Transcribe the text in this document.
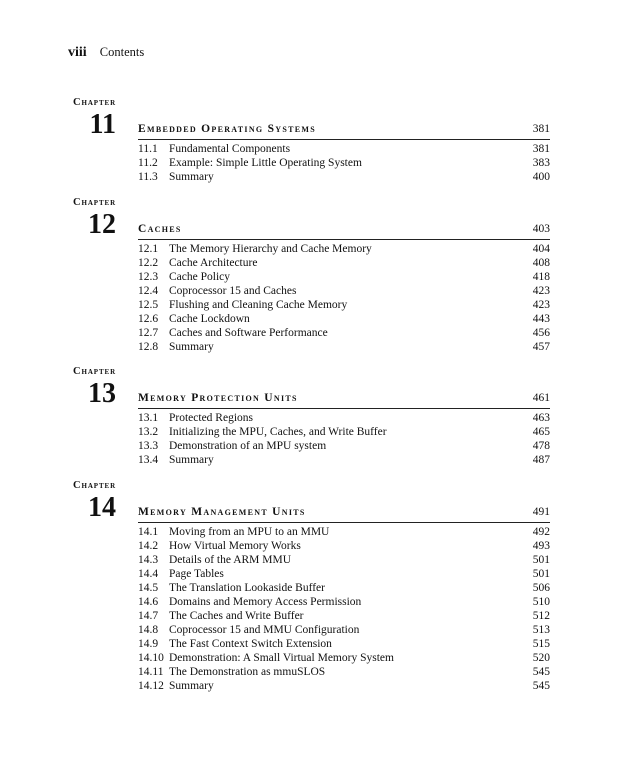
viii Contents
Chapter
11 Embedded Operating Systems	381
11.1 Fundamental Components	381
11.2 Example: Simple Little Operating System	383
11.3 Summary	400
Chapter
12 Caches	403
12.1 The Memory Hierarchy and Cache Memory	404
12.2 Cache Architecture	408
12.3 Cache Policy	418
12.4 Coprocessor 15 and Caches	423
12.5 Flushing and Cleaning Cache Memory	423
12.6 Cache Lockdown	443
12.7 Caches and Software Performance	456
12.8 Summary	457
Chapter
13 Memory Protection Units	461
13.1 Protected Regions	463
13.2 Initializing the MPU, Caches, and Write Buffer	465
13.3 Demonstration of an MPU system	478
13.4 Summary	487
Chapter
14 Memory Management Units	491
14.1 Moving from an MPU to an MMU	492
14.2 How Virtual Memory Works	493
14.3 Details of the ARM MMU	501
14.4 Page Tables	501
14.5 The Translation Lookaside Buffer	506
14.6 Domains and Memory Access Permission	510
14.7 The Caches and Write Buffer	512
14.8 Coprocessor 15 and MMU Configuration	513
14.9 The Fast Context Switch Extension	515
14.10 Demonstration: A Small Virtual Memory System	520
14.11 The Demonstration as mmuSLOS	545
14.12 Summary	545
